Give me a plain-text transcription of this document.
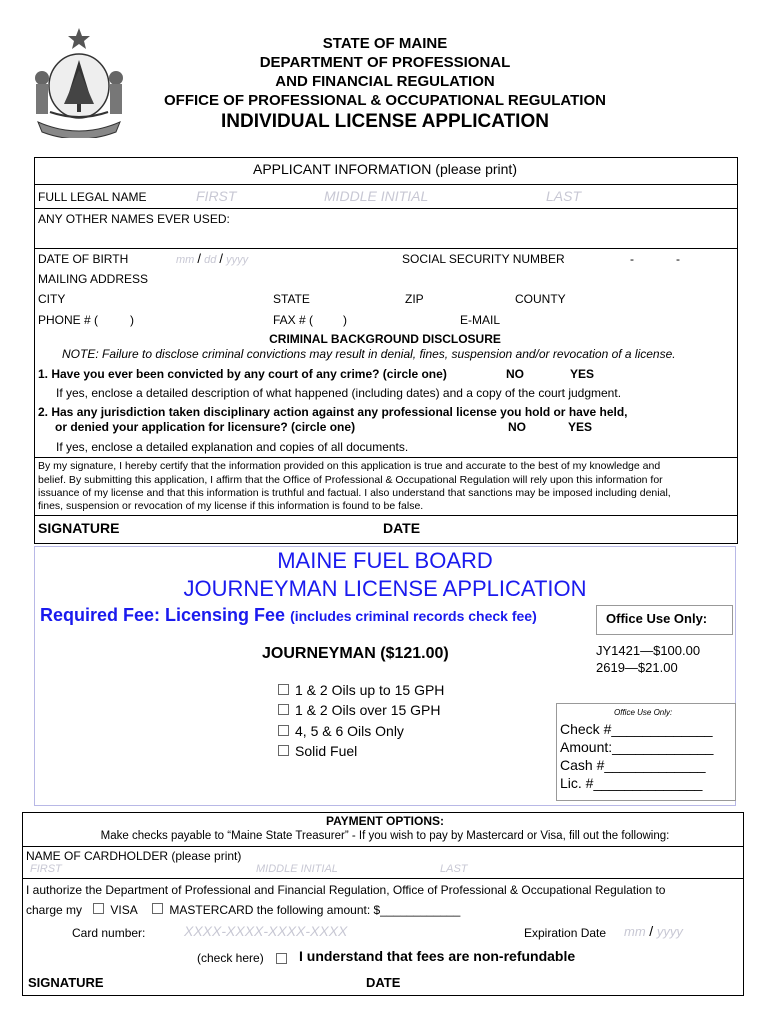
MAINE
STATE OF MAINE
DEPARTMENT OF PROFESSIONAL
AND FINANCIAL REGULATION
OFFICE OF PROFESSIONAL & OCCUPATIONAL REGULATION
INDIVIDUAL LICENSE APPLICATION
APPLICANT INFORMATION (please print)
FULL LEGAL NAME	FIRST	MIDDLE INITIAL	LAST
ANY OTHER NAMES EVER USED:
DATE OF BIRTH	mm / dd / yyyy	SOCIAL SECURITY NUMBER	-	-
MAILING ADDRESS
CITY	STATE	ZIP	COUNTY
PHONE # (	)	FAX # ( )	E-MAIL
CRIMINAL BACKGROUND DISCLOSURE
NOTE: Failure to disclose criminal convictions may result in denial, fines, suspension and/or revocation of a license.
1. Have you ever been convicted by any court of any crime? (circle one)	NO	YES
If yes, enclose a detailed description of what happened (including dates) and a copy of the court judgment.
2. Has any jurisdiction taken disciplinary action against any professional license you hold or have held,
or denied your application for licensure? (circle one)	NO	YES
If yes, enclose a detailed explanation and copies of all documents.
By my signature, I hereby certify that the information provided on this application is true and accurate to the best of my knowledge and
belief. By submitting this application, I affirm that the Office of Professional & Occupational Regulation will rely upon this information for
issuance of my license and that this information is truthful and factual. I also understand that sanctions may be imposed including denial,
fines, suspension or revocation of my license if this information is found to be false.
SIGNATURE	DATE
MAINE FUEL BOARD
JOURNEYMAN LICENSE APPLICATION
Required Fee: Licensing Fee (includes criminal records check fee)	Office Use Only:
JY1421—$100.00
2619—$21.00
JOURNEYMAN ($121.00)
1 & 2 Oils up to 15 GPH
1 & 2 Oils over 15 GPH
4, 5 & 6 Oils Only
Solid Fuel
Office Use Only:
Check #_____________
Amount:_____________
Cash #_____________
Lic. #______________
PAYMENT OPTIONS:
Make checks payable to “Maine State Treasurer” - If you wish to pay by Mastercard or Visa, fill out the following:
NAME OF CARDHOLDER (please print)
FIRST	MIDDLE INITIAL	LAST
I authorize the Department of Professional and Financial Regulation, Office of Professional & Occupational Regulation to
charge my VISA	MASTERCARD the following amount: $____________
Card number:	XXXX-XXXX-XXXX-XXXX	Expiration Date mm / yyyy
(check here)	I understand that fees are non-refundable
SIGNATURE	DATE
